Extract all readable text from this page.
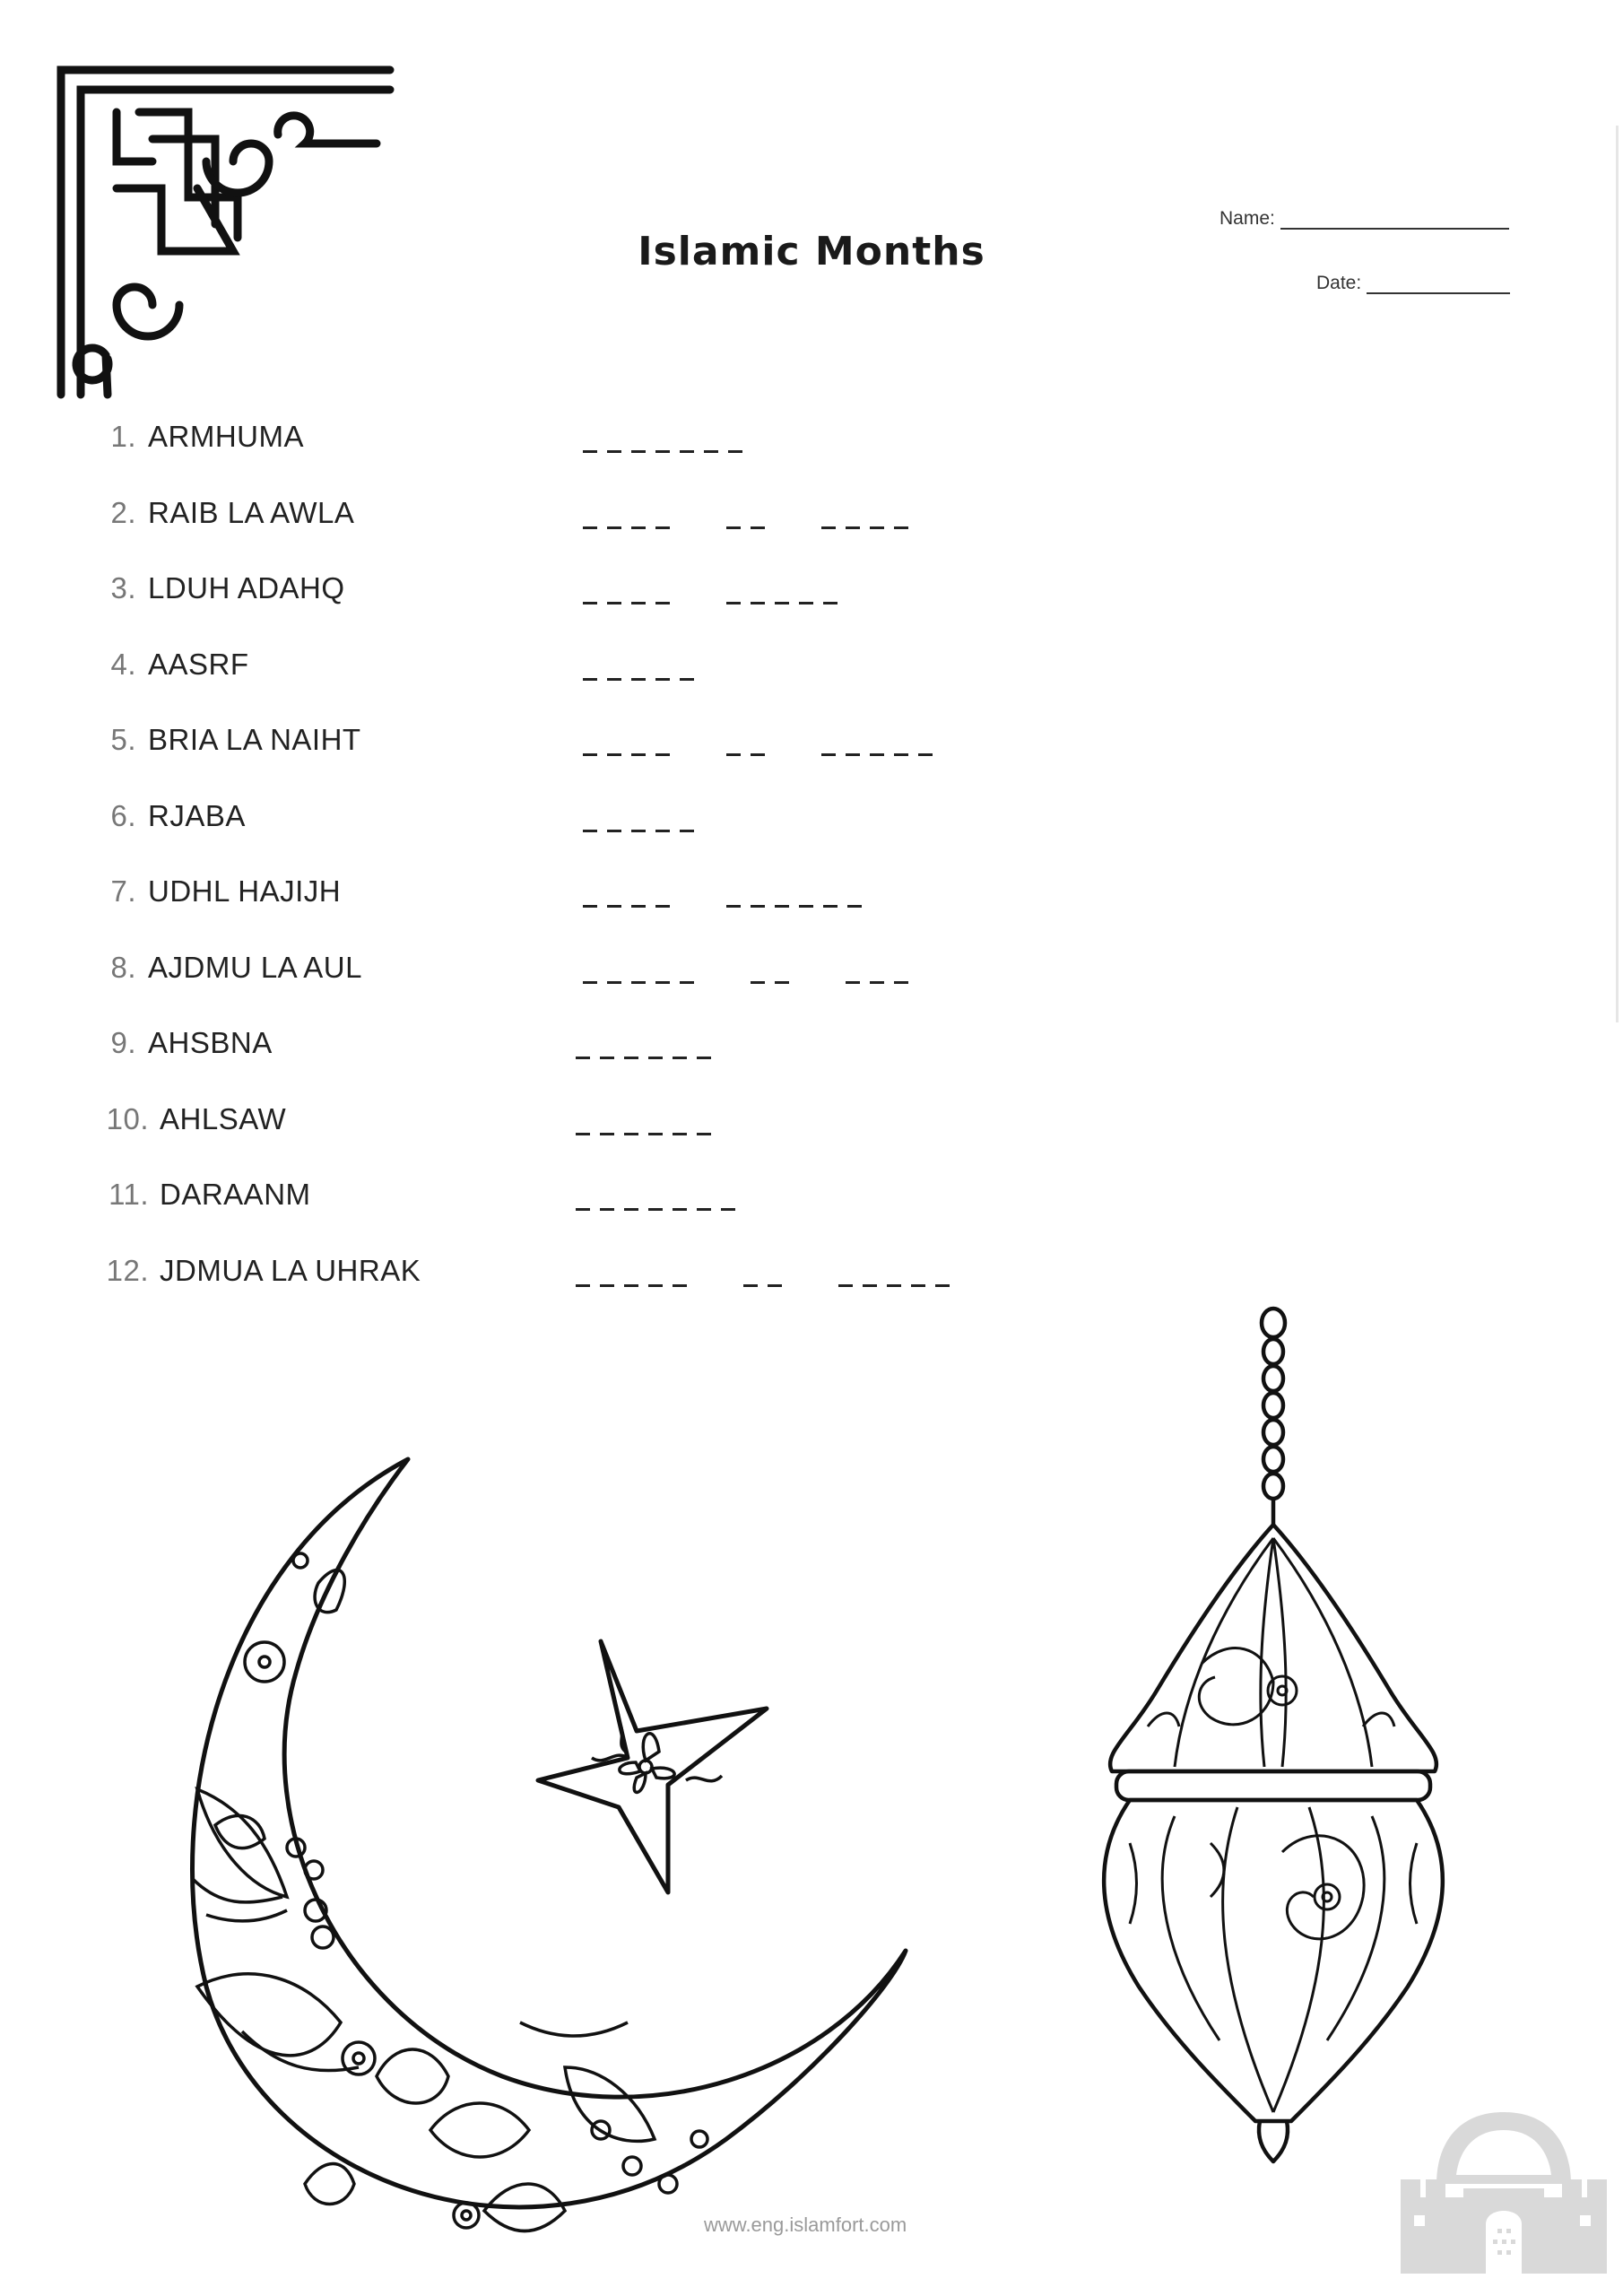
Islamic Months
Name:
Date:
1. ARMHUMA
2. RAIB LA AWLA
3. LDUH ADAHQ
4. AASRF
5. BRIA LA NAIHT
6. RJABA
7. UDHL HAJIJH
8. AJDMU LA AUL
9. AHSBNA
10. AHLSAW
11. DARAANM
12. JDMUA LA UHRAK
www.eng.islamfort.com
